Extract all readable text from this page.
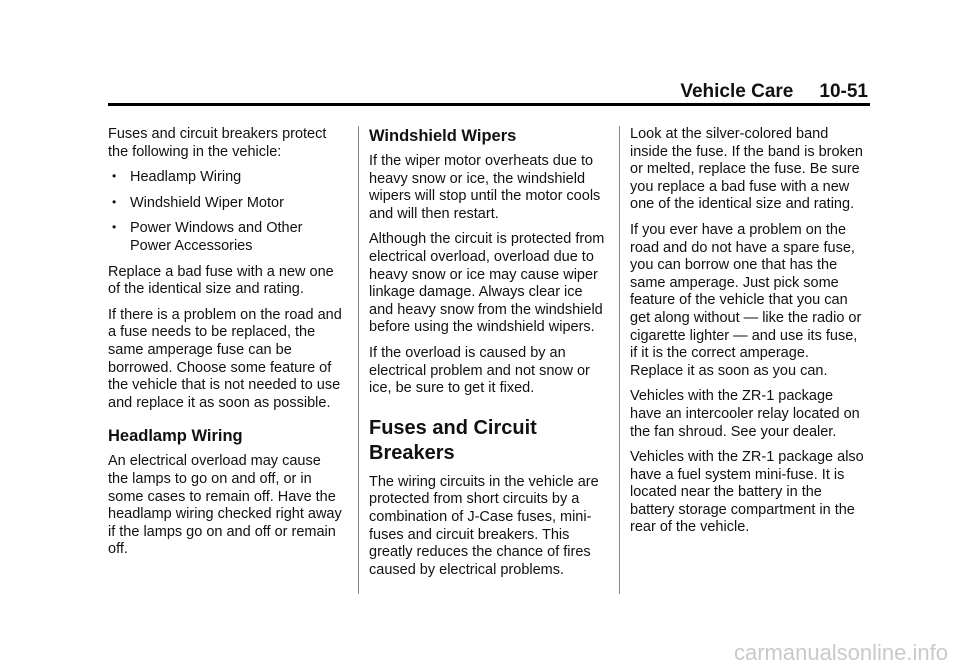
Vehicle Care 10-51

Fuses and circuit breakers protect the following in the vehicle:

• Headlamp Wiring
• Windshield Wiper Motor
• Power Windows and Other Power Accessories

Replace a bad fuse with a new one of the identical size and rating.

If there is a problem on the road and a fuse needs to be replaced, the same amperage fuse can be borrowed. Choose some feature of the vehicle that is not needed to use and replace it as soon as possible.

Headlamp Wiring

An electrical overload may cause the lamps to go on and off, or in some cases to remain off. Have the headlamp wiring checked right away if the lamps go on and off or remain off.

Windshield Wipers

If the wiper motor overheats due to heavy snow or ice, the windshield wipers will stop until the motor cools and will then restart.

Although the circuit is protected from electrical overload, overload due to heavy snow or ice may cause wiper linkage damage. Always clear ice and heavy snow from the windshield before using the windshield wipers.

If the overload is caused by an electrical problem and not snow or ice, be sure to get it fixed.

Fuses and Circuit Breakers

The wiring circuits in the vehicle are protected from short circuits by a combination of J-Case fuses, mini-fuses and circuit breakers. This greatly reduces the chance of fires caused by electrical problems.

Look at the silver-colored band inside the fuse. If the band is broken or melted, replace the fuse. Be sure you replace a bad fuse with a new one of the identical size and rating.

If you ever have a problem on the road and do not have a spare fuse, you can borrow one that has the same amperage. Just pick some feature of the vehicle that you can get along without — like the radio or cigarette lighter — and use its fuse, if it is the correct amperage. Replace it as soon as you can.

Vehicles with the ZR-1 package have an intercooler relay located on the fan shroud. See your dealer.

Vehicles with the ZR-1 package also have a fuel system mini-fuse. It is located near the battery in the battery storage compartment in the rear of the vehicle.

carmanualsonline.info
